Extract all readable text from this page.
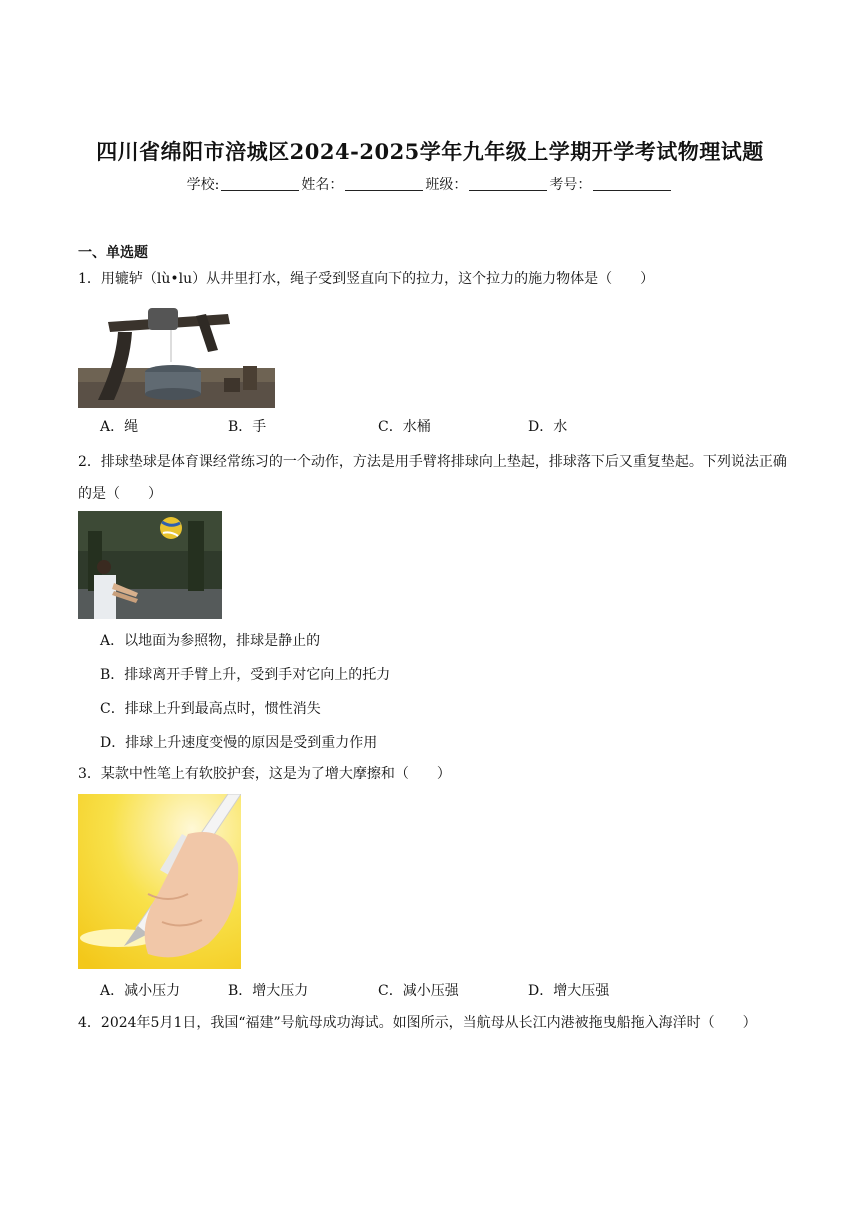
四川省绵阳市涪城区2024-2025学年九年级上学期开学考试物理试题
学校:	姓名：	班级：	考号：
一、单选题
1．用辘轳（lù•lu）从井里打水，绳子受到竖直向下的拉力，这个拉力的施力物体是（　　）
A．绳	B．手	C．水桶	D．水
2．排球垫球是体育课经常练习的一个动作，方法是用手臂将排球向上垫起，排球落下后又重复垫起。下列说法正确的是（　　）
A．以地面为参照物，排球是静止的
B．排球离开手臂上升，受到手对它向上的托力
C．排球上升到最高点时，惯性消失
D．排球上升速度变慢的原因是受到重力作用
3．某款中性笔上有软胶护套，这是为了增大摩擦和（　　）
A．减小压力	B．增大压力	C．减小压强	D．增大压强
4．2024年5月1日，我国“福建”号航母成功海试。如图所示，当航母从长江内港被拖曳船拖入海洋时（　　）
